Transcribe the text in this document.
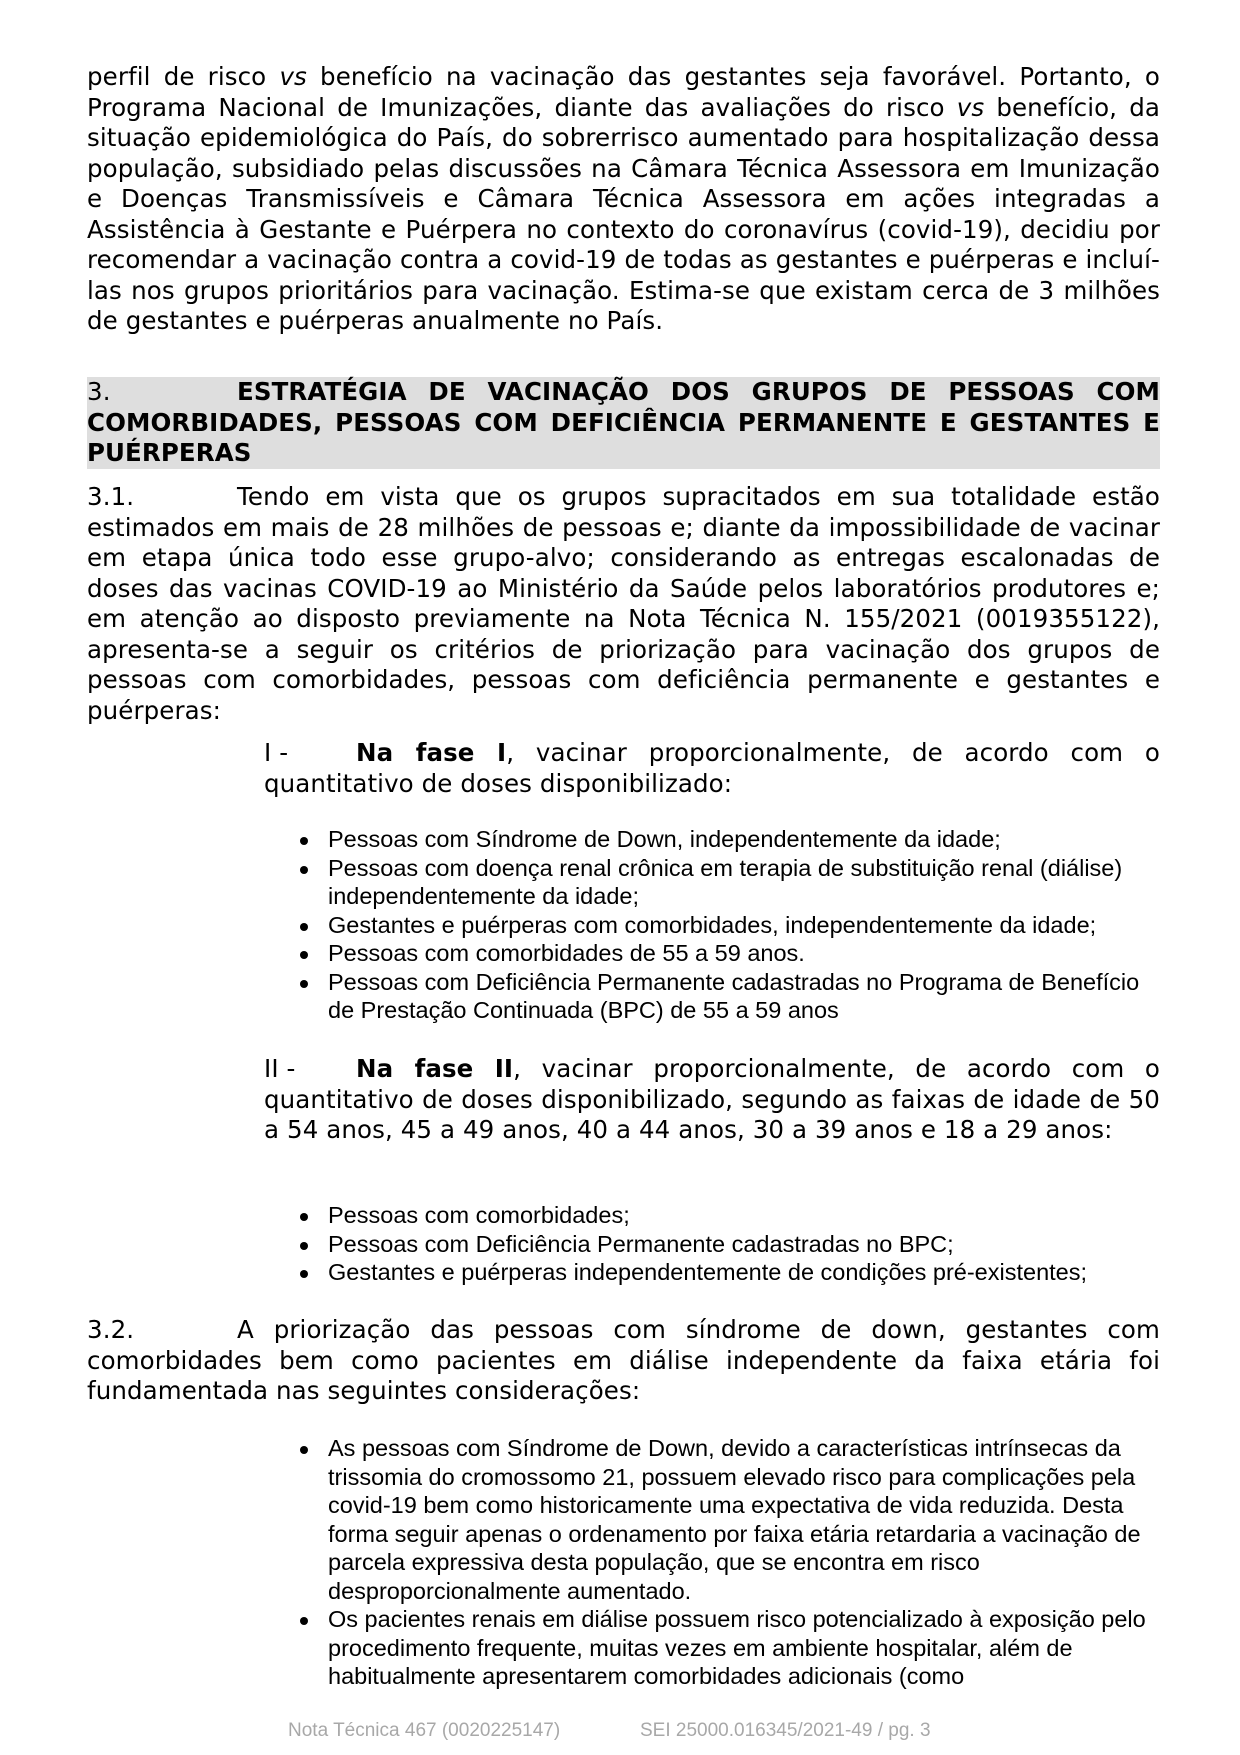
perfil de risco vs benefício na vacinação das gestantes seja favorável. Portanto, o Programa Nacional de Imunizações, diante das avaliações do risco vs benefício, da situação epidemiológica do País, do sobrerrisco aumentado para hospitalização dessa população, subsidiado pelas discussões na Câmara Técnica Assessora em Imunização e Doenças Transmissíveis e Câmara Técnica Assessora em ações integradas a Assistência à Gestante e Puérpera no contexto do coronavírus (covid-19), decidiu por recomendar a vacinação contra a covid-19 de todas as gestantes e puérperas e incluí-las nos grupos prioritários para vacinação. Estima-se que existam cerca de 3 milhões de gestantes e puérperas anualmente no País.

3.	ESTRATÉGIA DE VACINAÇÃO DOS GRUPOS DE PESSOAS COM COMORBIDADES, PESSOAS COM DEFICIÊNCIA PERMANENTE E GESTANTES E PUÉRPERAS

3.1.	Tendo em vista que os grupos supracitados em sua totalidade estão estimados em mais de 28 milhões de pessoas e; diante da impossibilidade de vacinar em etapa única todo esse grupo-alvo; considerando as entregas escalonadas de doses das vacinas COVID-19 ao Ministério da Saúde pelos laboratórios produtores e; em atenção ao disposto previamente na Nota Técnica N. 155/2021 (0019355122), apresenta-se a seguir os critérios de priorização para vacinação dos grupos de pessoas com comorbidades, pessoas com deficiência permanente e gestantes e puérperas:

I -	Na fase I, vacinar proporcionalmente, de acordo com o quantitativo de doses disponibilizado:

Pessoas com Síndrome de Down, independentemente da idade;
Pessoas com doença renal crônica em terapia de substituição renal (diálise) independentemente da idade;
Gestantes e puérperas com comorbidades, independentemente da idade;
Pessoas com comorbidades de 55 a 59 anos.
Pessoas com Deficiência Permanente cadastradas no Programa de Benefício de Prestação Continuada (BPC) de 55 a 59 anos

II - Na fase II, vacinar proporcionalmente, de acordo com o quantitativo de doses disponibilizado, segundo as faixas de idade de 50 a 54 anos, 45 a 49 anos, 40 a 44 anos, 30 a 39 anos e 18 a 29 anos:

Pessoas com comorbidades;
Pessoas com Deficiência Permanente cadastradas no BPC;
Gestantes e puérperas independentemente de condições pré-existentes;

3.2.	A priorização das pessoas com síndrome de down, gestantes com comorbidades bem como pacientes em diálise independente da faixa etária foi fundamentada nas seguintes considerações:

As pessoas com Síndrome de Down, devido a características intrínsecas da trissomia do cromossomo 21, possuem elevado risco para complicações pela covid-19 bem como historicamente uma expectativa de vida reduzida. Desta forma seguir apenas o ordenamento por faixa etária retardaria a vacinação de parcela expressiva desta população, que se encontra em risco desproporcionalmente aumentado.
Os pacientes renais em diálise possuem risco potencializado à exposição pelo procedimento frequente, muitas vezes em ambiente hospitalar, além de habitualmente apresentarem comorbidades adicionais (como
Nota Técnica 467 (0020225147)	SEI 25000.016345/2021-49 / pg. 3
